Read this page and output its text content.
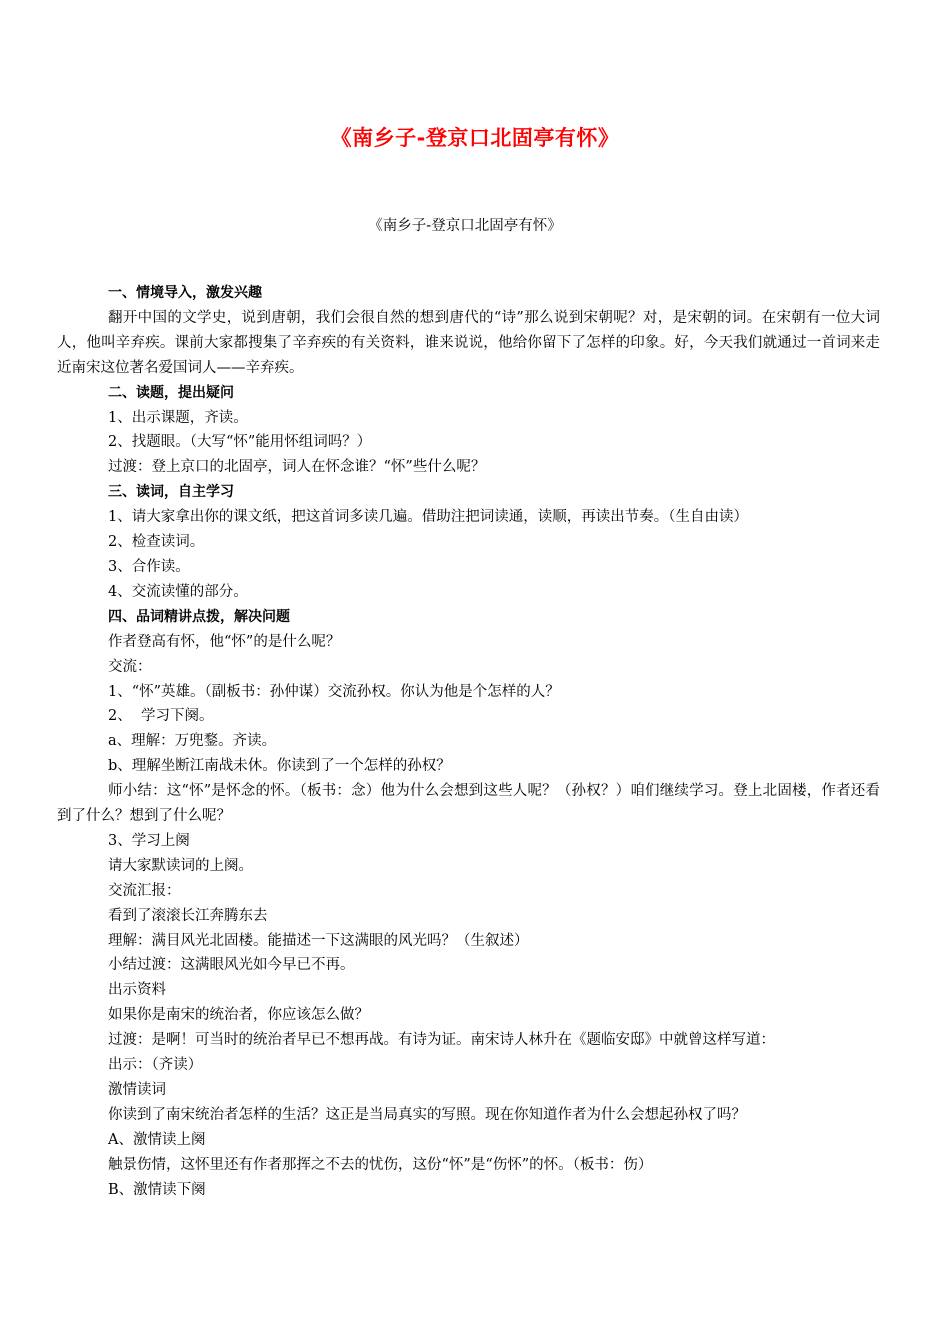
《南乡子-登京口北固亭有怀》
《南乡子-登京口北固亭有怀》
一、情境导入，激发兴趣

翻开中国的文学史，说到唐朝，我们会很自然的想到唐代的“诗”那么说到宋朝呢？对，是宋朝的词。在宋朝有一位大词人，他叫辛弃疾。课前大家都搜集了辛弃疾的有关资料，谁来说说，他给你留下了怎样的印象。好，今天我们就通过一首词来走近南宋这位著名爱国词人——辛弃疾。

二、读题，提出疑问
1、出示课题，齐读。
2、找题眼。（大写“怀”能用怀组词吗？）
过渡：登上京口的北固亭，词人在怀念谁？“怀”些什么呢？
三、读词，自主学习
1、请大家拿出你的课文纸，把这首词多读几遍。借助注把词读通，读顺，再读出节奏。（生自由读）
2、检查读词。
3、合作读。
4、交流读懂的部分。
四、品词精讲点拨，解决问题
作者登高有怀，他“怀”的是什么呢？
交流：
1、“怀”英雄。（副板书：孙仲谋）交流孙权。你认为他是个怎样的人？
2、  学习下阕。
a、理解：万兜鍪。齐读。
b、理解坐断江南战未休。你读到了一个怎样的孙权？

师小结：这“怀”是怀念的怀。（板书：念）他为什么会想到这些人呢？（孙权？）咱们继续学习。登上北固楼，作者还看到了什么？想到了什么呢？

3、学习上阕
请大家默读词的上阕。
交流汇报：
看到了滚滚长江奔腾东去
理解：满目风光北固楼。能描述一下这满眼的风光吗？（生叙述）
小结过渡：这满眼风光如今早已不再。
出示资料
如果你是南宋的统治者，你应该怎么做？
过渡：是啊！可当时的统治者早已不想再战。有诗为证。南宋诗人林升在《题临安邸》中就曾这样写道：
出示：（齐读）
激情读词
你读到了南宋统治者怎样的生活？这正是当局真实的写照。现在你知道作者为什么会想起孙权了吗？
A、激情读上阕
触景伤情，这怀里还有作者那挥之不去的忧伤，这份“怀”是“伤怀”的怀。（板书：伤）
B、激情读下阕
